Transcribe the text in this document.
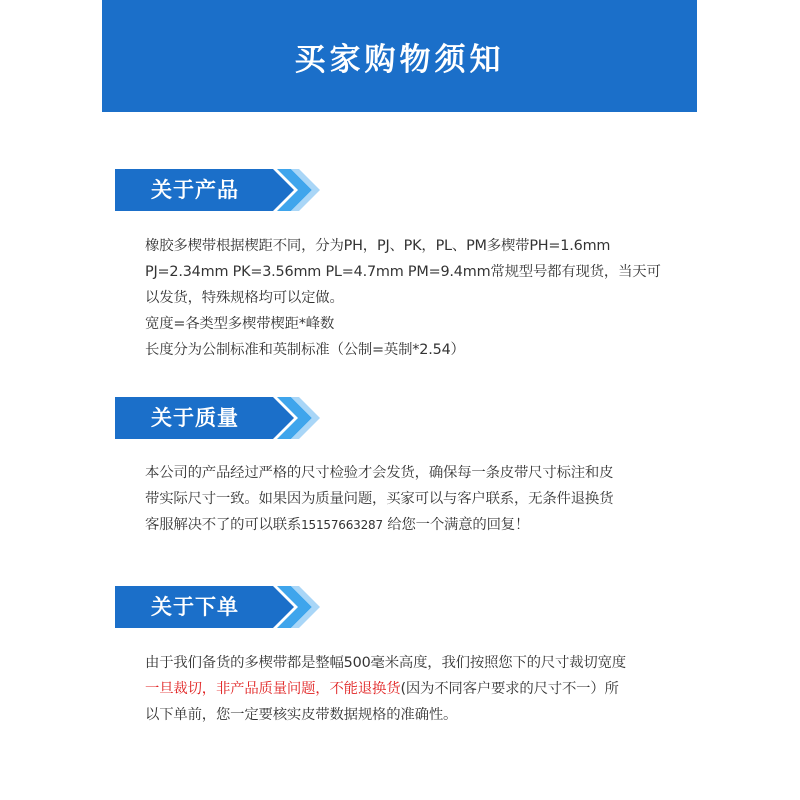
买家购物须知
关于产品

橡胶多楔带根据楔距不同，分为PH，PJ、PK，PL、PM多楔带PH=1.6mm

PJ=2.34mm PK=3.56mm PL=4.7mm PM=9.4mm常规型号都有现货，当天可

以发货，特殊规格均可以定做。

宽度=各类型多楔带楔距*峰数

长度分为公制标准和英制标准（公制=英制*2.54）

关于质量

本公司的产品经过严格的尺寸检验才会发货，确保每一条皮带尺寸标注和皮

带实际尺寸一致。如果因为质量问题，买家可以与客户联系，无条件退换货

客服解决不了的可以联系15157663287 给您一个满意的回复！

关于下单

由于我们备货的多楔带都是整幅500毫米高度，我们按照您下的尺寸裁切宽度

一旦裁切，非产品质量问题，不能退换货(因为不同客户要求的尺寸不一）所

以下单前，您一定要核实皮带数据规格的准确性。
